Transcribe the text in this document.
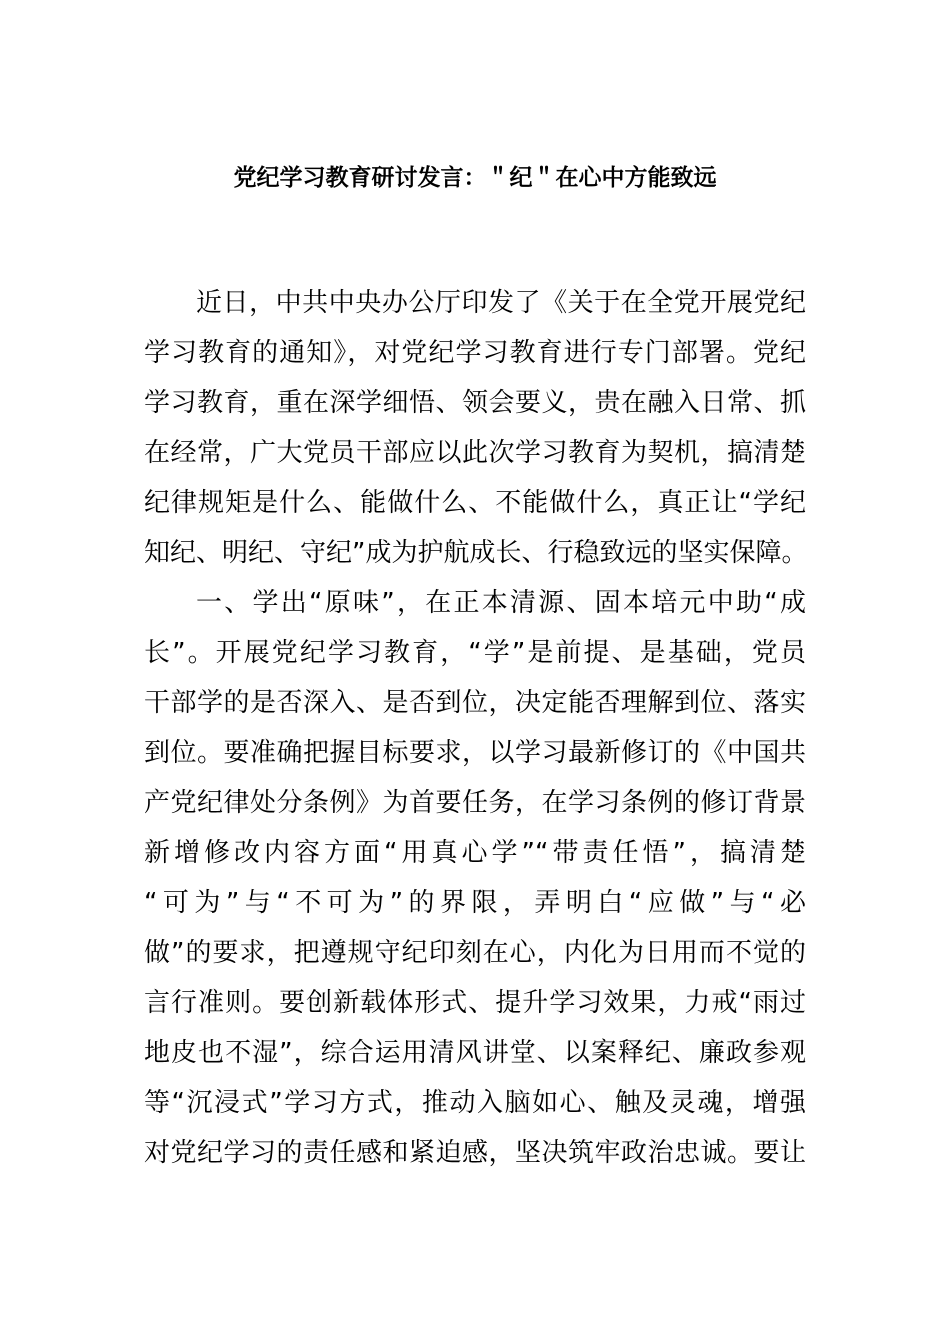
党纪学习教育研讨发言：＂纪＂在心中方能致远
近日，中共中央办公厅印发了《关于在全党开展党纪
学习教育的通知》，对党纪学习教育进行专门部署。党纪
学习教育，重在深学细悟、领会要义，贵在融入日常、抓
在经常，广大党员干部应以此次学习教育为契机，搞清楚
纪律规矩是什么、能做什么、不能做什么，真正让“学纪
知纪、明纪、守纪”成为护航成长、行稳致远的坚实保障。
一、学出“原味”，在正本清源、固本培元中助“成
长”。开展党纪学习教育，“学”是前提、是基础，党员
干部学的是否深入、是否到位，决定能否理解到位、落实
到位。要准确把握目标要求，以学习最新修订的《中国共
产党纪律处分条例》为首要任务，在学习条例的修订背景
新增修改内容方面“用真心学”“带责任悟”，搞清楚
“可为”与“不可为”的界限，弄明白“应做”与“必
做”的要求，把遵规守纪印刻在心，内化为日用而不觉的
言行准则。要创新载体形式、提升学习效果，力戒“雨过
地皮也不湿”，综合运用清风讲堂、以案释纪、廉政参观
等“沉浸式”学习方式，推动入脑如心、触及灵魂，增强
对党纪学习的责任感和紧迫感，坚决筑牢政治忠诚。要让
